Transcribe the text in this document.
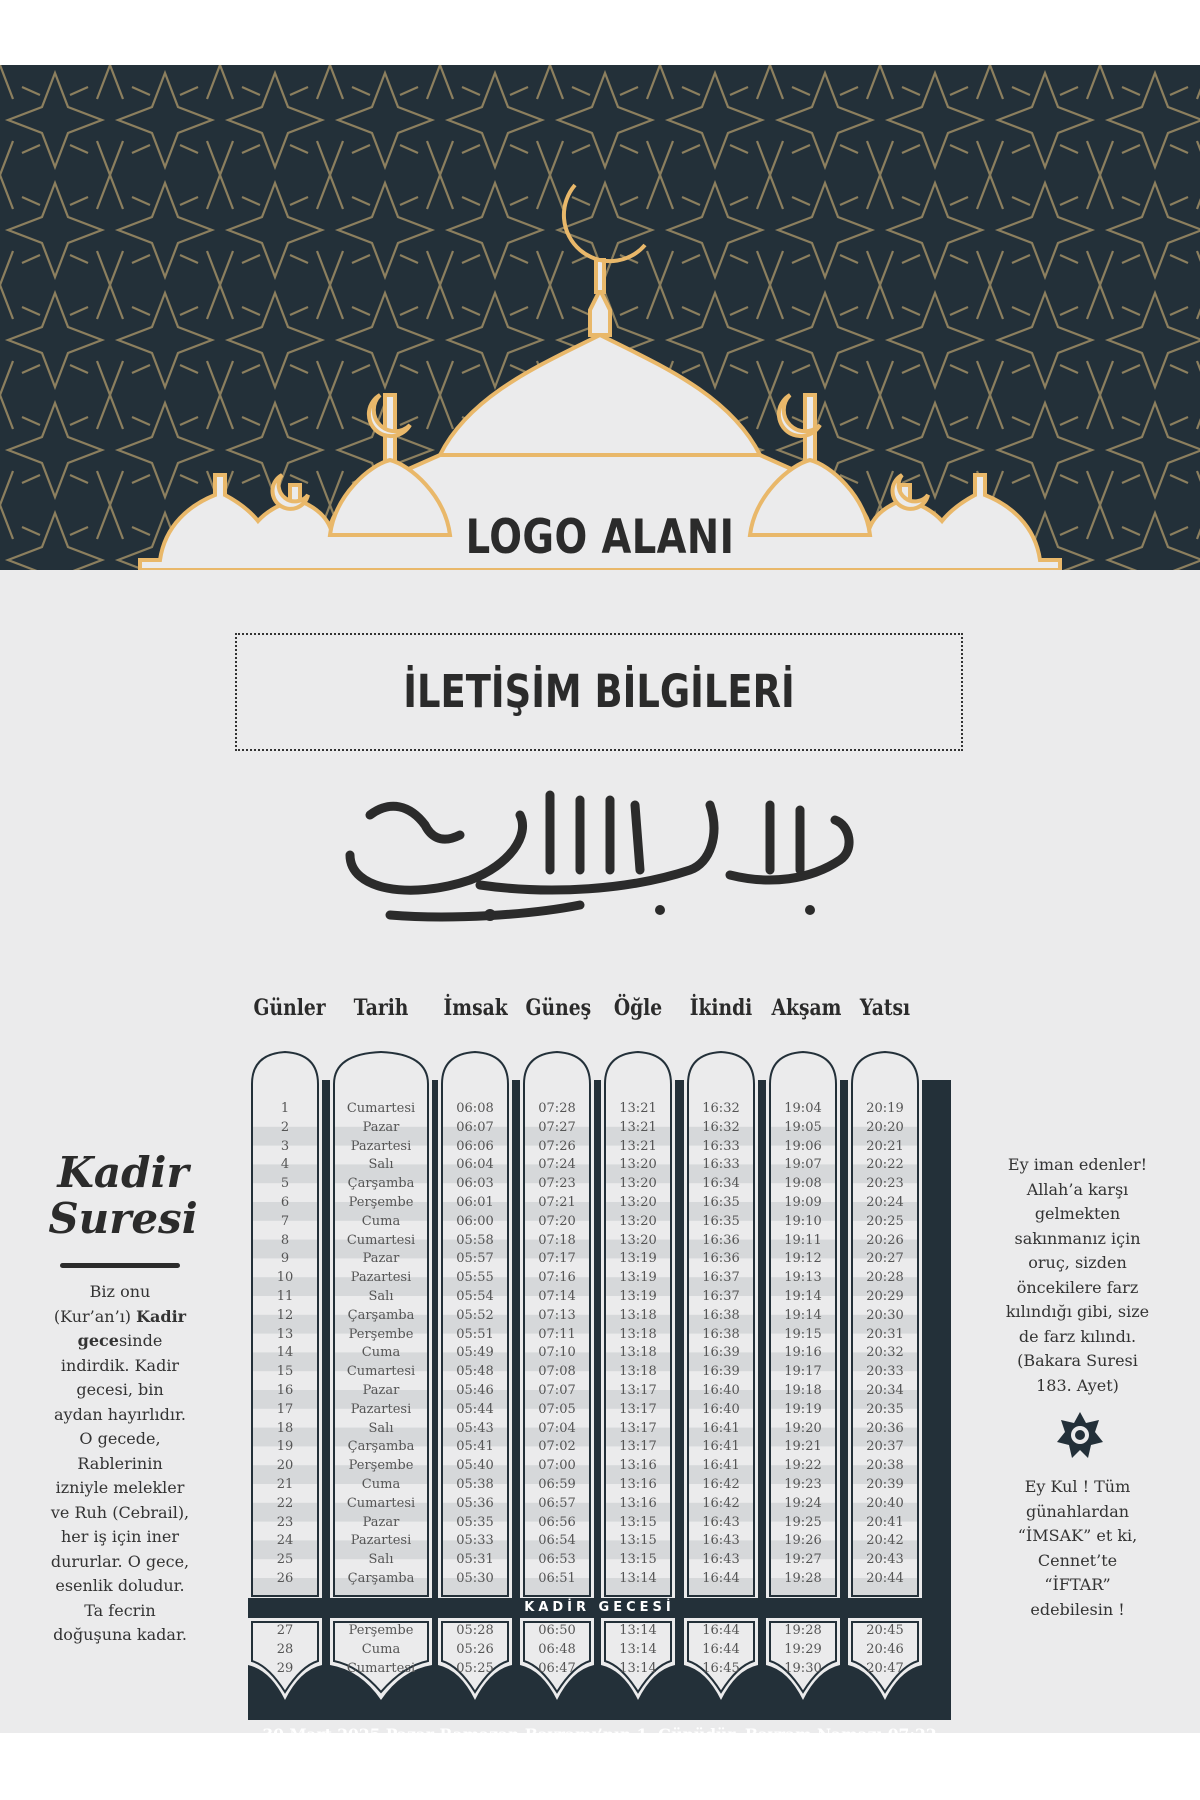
LOGO ALANI
İLETİŞİM BİLGİLERİ
Kadir
Suresi
Biz onu (Kur’an’ı) Kadir gecesinde indirdik. Kadir gecesi, bin aydan hayırlıdır. O gecede, Rablerinin izniyle melekler ve Ruh (Cebrail), her iş için iner dururlar. O gece, esenlik doludur. Ta fecrin doğuşuna kadar.
Ey iman edenler! Allah’a karşı gelmekten sakınmanız için oruç, sizden öncekilere farz kılındığı gibi, size de farz kılındı. (Bakara Suresi 183. Ayet)
Ey Kul ! Tüm günahlardan “İMSAK” et ki, Cennet’te “İFTAR” edebilesin !
KADİR GECESİ
30 Mart 2025 Pazar Ramazan Bayramı’nın 1. Günüdür. Bayram Namazı 07:22
Günler
1
2
3
4
5
6
7
8
9
10
11
12
13
14
15
16
17
18
19
20
21
22
23
24
25
26
27
28
29
Tarih
Cumartesi
Pazar
Pazartesi
Salı
Çarşamba
Perşembe
Cuma
Cumartesi
Pazar
Pazartesi
Salı
Çarşamba
Perşembe
Cuma
Cumartesi
Pazar
Pazartesi
Salı
Çarşamba
Perşembe
Cuma
Cumartesi
Pazar
Pazartesi
Salı
Çarşamba
Perşembe
Cuma
Cumartesi
İmsak
06:08
06:07
06:06
06:04
06:03
06:01
06:00
05:58
05:57
05:55
05:54
05:52
05:51
05:49
05:48
05:46
05:44
05:43
05:41
05:40
05:38
05:36
05:35
05:33
05:31
05:30
05:28
05:26
05:25
Güneş
07:28
07:27
07:26
07:24
07:23
07:21
07:20
07:18
07:17
07:16
07:14
07:13
07:11
07:10
07:08
07:07
07:05
07:04
07:02
07:00
06:59
06:57
06:56
06:54
06:53
06:51
06:50
06:48
06:47
Öğle
13:21
13:21
13:21
13:20
13:20
13:20
13:20
13:20
13:19
13:19
13:19
13:18
13:18
13:18
13:18
13:17
13:17
13:17
13:17
13:16
13:16
13:16
13:15
13:15
13:15
13:14
13:14
13:14
13:14
İkindi
16:32
16:32
16:33
16:33
16:34
16:35
16:35
16:36
16:36
16:37
16:37
16:38
16:38
16:39
16:39
16:40
16:40
16:41
16:41
16:41
16:42
16:42
16:43
16:43
16:43
16:44
16:44
16:44
16:45
Akşam
19:04
19:05
19:06
19:07
19:08
19:09
19:10
19:11
19:12
19:13
19:14
19:14
19:15
19:16
19:17
19:18
19:19
19:20
19:21
19:22
19:23
19:24
19:25
19:26
19:27
19:28
19:28
19:29
19:30
Yatsı
20:19
20:20
20:21
20:22
20:23
20:24
20:25
20:26
20:27
20:28
20:29
20:30
20:31
20:32
20:33
20:34
20:35
20:36
20:37
20:38
20:39
20:40
20:41
20:42
20:43
20:44
20:45
20:46
20:47
